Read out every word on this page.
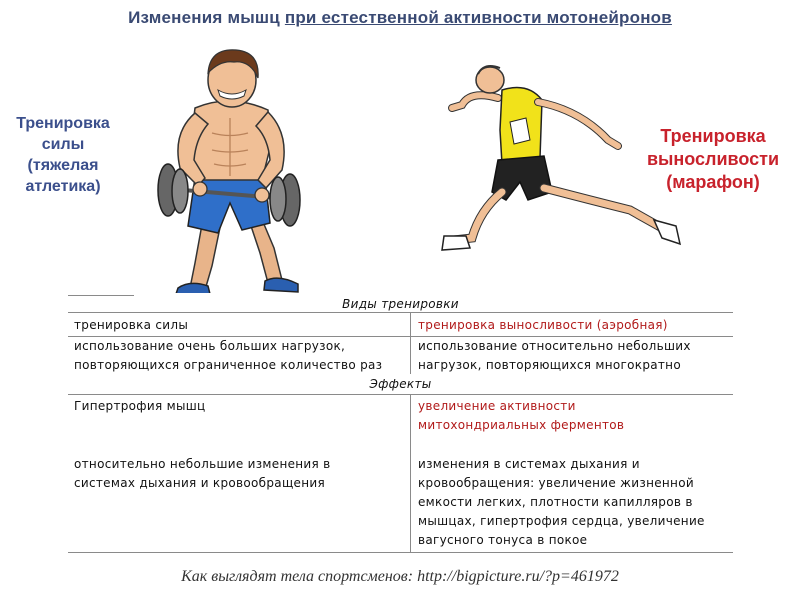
Изменения мышц при естественной активности мотонейронов
Тренировка
силы
(тяжелая
атлетика)
Тренировка
выносливости
(марафон)
Виды тренировки
тренировка силы	тренировка выносливости (аэробная)
использование очень больших нагрузок,
повторяющихся ограниченное количество раз
использование относительно небольших
нагрузок, повторяющихся многократно
Эффекты
Гипертрофия мышц	увеличение активности
митохондриальных ферментов
относительно небольшие изменения в
системах дыхания и кровообращения
изменения в системах дыхания и
кровообращения: увеличение жизненной
емкости легких, плотности капилляров в
мышцах, гипертрофия сердца, увеличение
вагусного тонуса в покое
Как выглядят тела спортсменов: http://bigpicture.ru/?p=461972
